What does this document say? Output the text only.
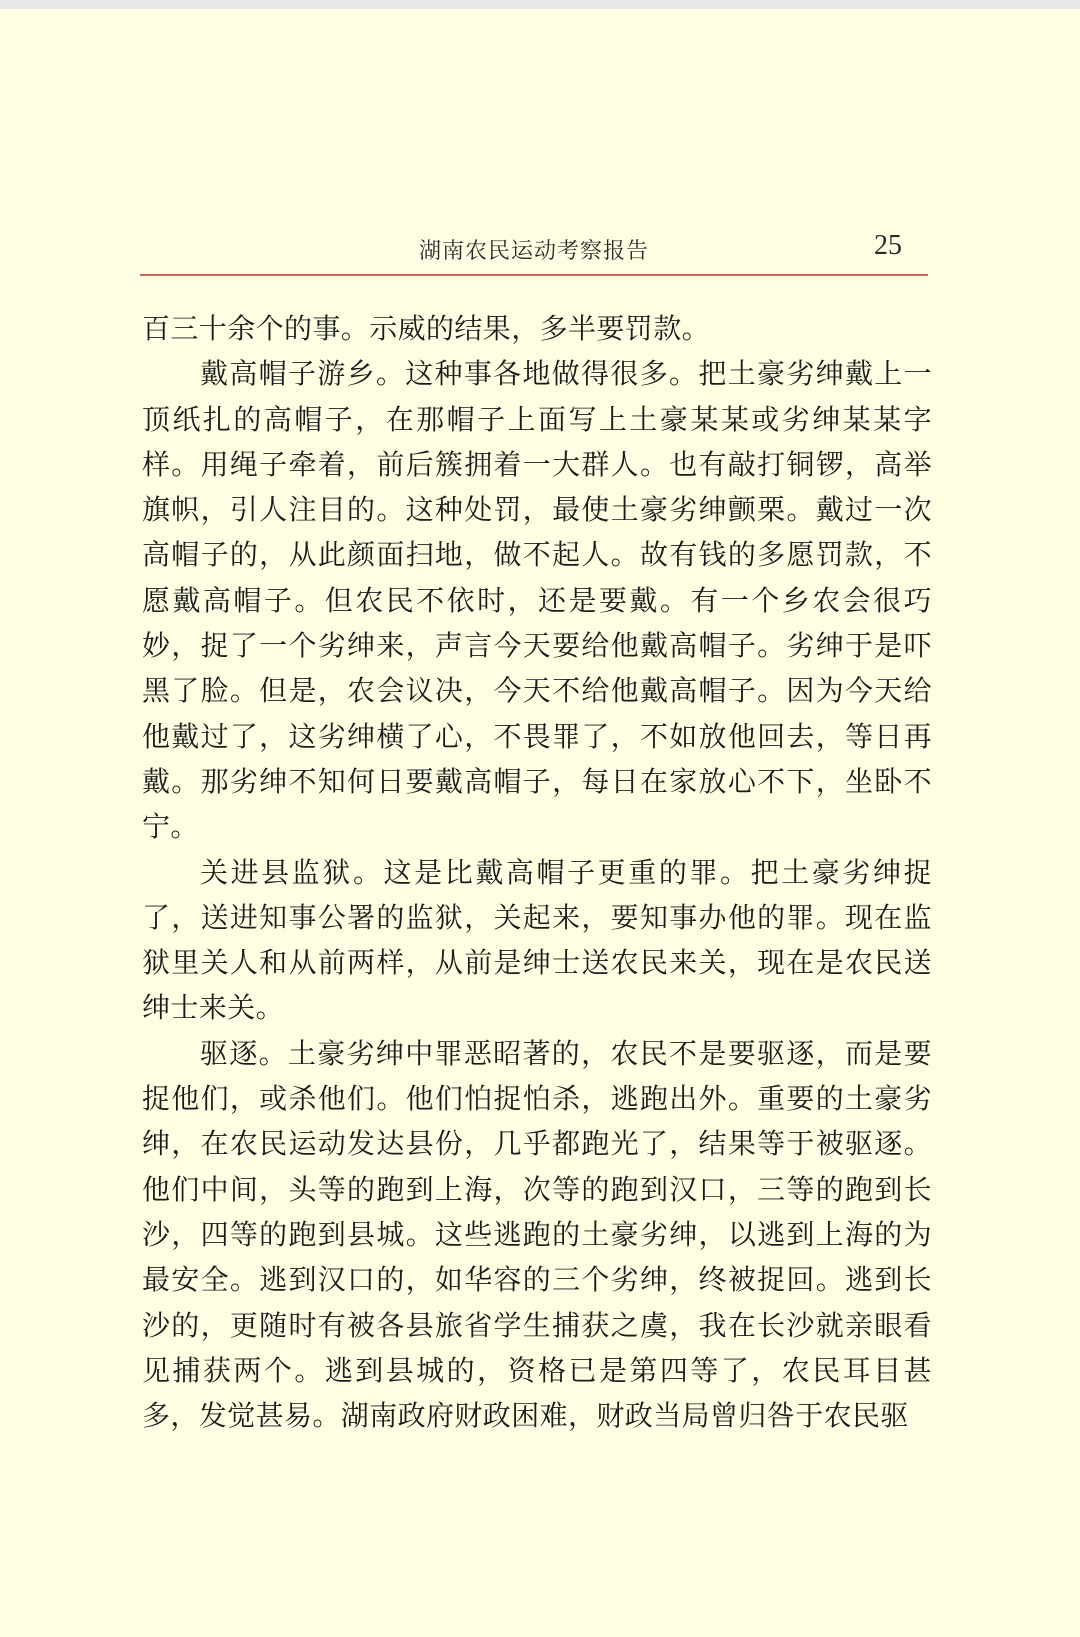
湖南农民运动考察报告	25

百三十余个的事。示威的结果，多半要罚款。

戴高帽子游乡。这种事各地做得很多。把土豪劣绅戴上一顶纸扎的高帽子，在那帽子上面写上土豪某某或劣绅某某字样。用绳子牵着，前后簇拥着一大群人。也有敲打铜锣，高举旗帜，引人注目的。这种处罚，最使土豪劣绅颤栗。戴过一次高帽子的，从此颜面扫地，做不起人。故有钱的多愿罚款，不愿戴高帽子。但农民不依时，还是要戴。有一个乡农会很巧妙，捉了一个劣绅来，声言今天要给他戴高帽子。劣绅于是吓黑了脸。但是，农会议决，今天不给他戴高帽子。因为今天给他戴过了，这劣绅横了心，不畏罪了，不如放他回去，等日再戴。那劣绅不知何日要戴高帽子，每日在家放心不下，坐卧不宁。

关进县监狱。这是比戴高帽子更重的罪。把土豪劣绅捉了，送进知事公署的监狱，关起来，要知事办他的罪。现在监狱里关人和从前两样，从前是绅士送农民来关，现在是农民送绅士来关。

驱逐。土豪劣绅中罪恶昭著的，农民不是要驱逐，而是要捉他们，或杀他们。他们怕捉怕杀，逃跑出外。重要的土豪劣绅，在农民运动发达县份，几乎都跑光了，结果等于被驱逐。他们中间，头等的跑到上海，次等的跑到汉口，三等的跑到长沙，四等的跑到县城。这些逃跑的土豪劣绅，以逃到上海的为最安全。逃到汉口的，如华容的三个劣绅，终被捉回。逃到长沙的，更随时有被各县旅省学生捕获之虞，我在长沙就亲眼看见捕获两个。逃到县城的，资格已是第四等了，农民耳目甚多，发觉甚易。湖南政府财政困难，财政当局曾归咎于农民驱
